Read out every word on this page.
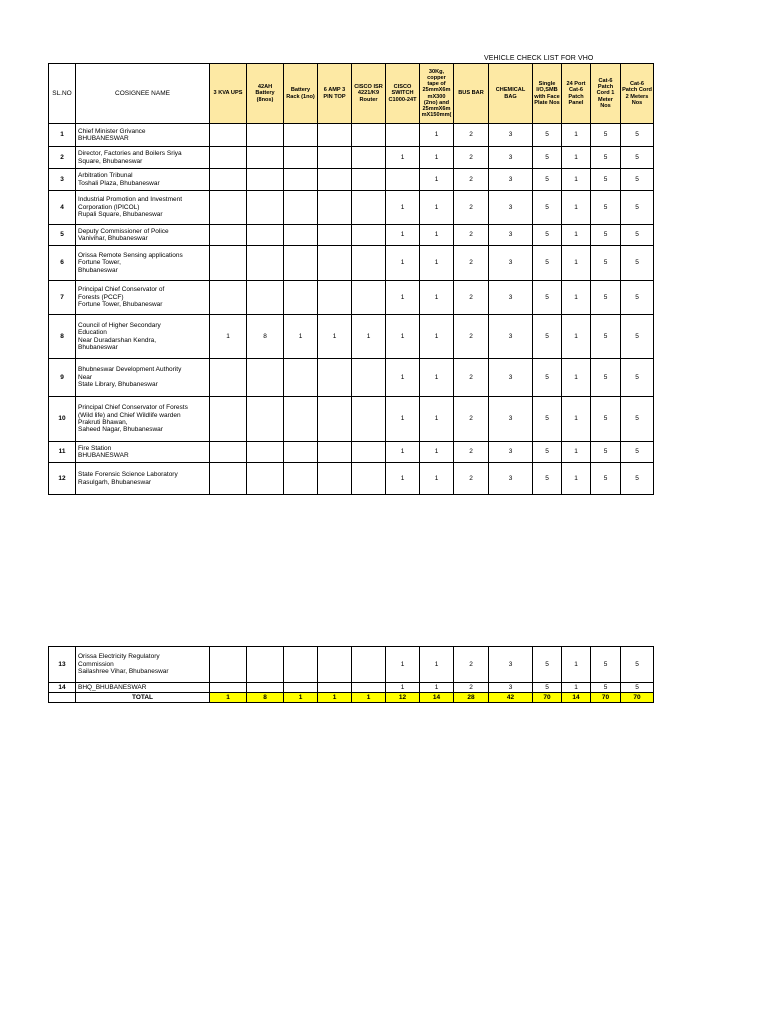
VEHICLE CHECK LIST FOR VHO
SL.NO	COSIGNEE NAME	3 KVA UPS	42AH Battery (8nos)	Battery Rack (1no)	6 AMP 3 PIN TOP	CISCO ISR 4221/K9 Router	CISCO SWITCH C1000-24T	30Kg, copper tape of 25mmX6m mX300 (2no) and 25mmX6m mX150mm(	BUS BAR	CHEMICAL BAG	Single I/O,SMB with Face Plate Nos	24 Port Cat-6 Patch Panel	Cat-6 Patch Cord 1 Meter Nos	Cat-6 Patch Cord 2 Meters Nos	
1	Chief Minister Grivance
BHUBANESWAR							1	2	3	5	1	5	5	
2	Director, Factories and Boilers Sriya
Square, Bhubaneswar						1	1	2	3	5	1	5	5	
3	Arbitration Tribunal
Toshali Plaza, Bhubaneswar							1	2	3	5	1	5	5	
4	Industrial Promotion and Investment
Corporation (IPICOL)
Rupali Square, Bhubaneswar						1	1	2	3	5	1	5	5	
5	Deputy Commissioner of Police
Vanivihar, Bhubaneswar						1	1	2	3	5	1	5	5	
6	Orissa Remote Sensing applications
Fortune Tower,
Bhubaneswar						1	1	2	3	5	1	5	5	
7	Principal Chief Conservator of
Forests (PCCF)
Fortune Tower, Bhubaneswar						1	1	2	3	5	1	5	5	
8	Council of Higher Secondary
Education
Near Duradarshan Kendra,
Bhubaneswar	1	8	1	1	1	1	1	2	3	5	1	5	5	
9	Bhubneswar Development Authority
Near
State Library, Bhubaneswar						1	1	2	3	5	1	5	5	
10	Principal Chief Conservator of Forests
(Wild life) and Chief Wildlife warden
Prakruti Bhawan,
Saheed Nagar, Bhubaneswar						1	1	2	3	5	1	5	5	
11	Fire Station
BHUBANESWAR						1	1	2	3	5	1	5	5	
12	State Forensic Science Laboratory
Rasulgarh, Bhubaneswar						1	1	2	3	5	1	5	5	
13	Orissa Electricity Regulatory
Commission
Sailashree Vihar, Bhubaneswar						1	1	2	3	5	1	5	5	
14	BHQ_BHUBANESWAR						1	1	2	3	5	1	5	5	
	TOTAL	1	8	1	1	1	12	14	28	42	70	14	70	70	
